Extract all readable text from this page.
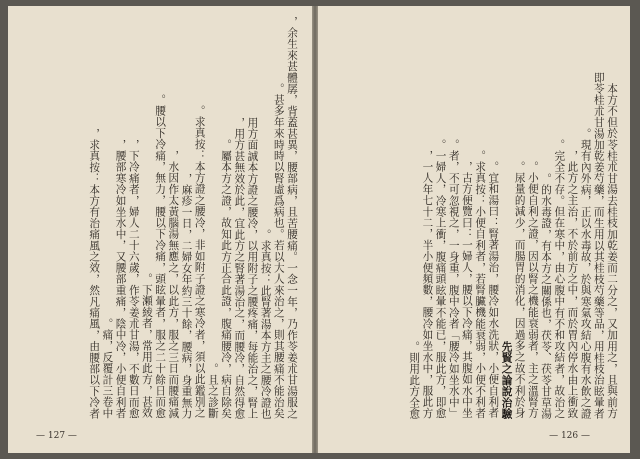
余生來甚體孱，背蓋甚異，腰部病，且苦腰痛。一念一年，乃作苓姜朮甘湯服之，
甚多年來時時以腎虛爲病也。若以大人來治之，則其腰痛不能治矣。
求真按：此腎著湯本方主之腰冷證也。
用方面誠本方證之腰冷，以用附子之腰疼痛，每能治之，腎上
用方甚無效於此，宜此方之腎著湯治之，而腰冷，自然得愈，
屬本方之證，故知此方正合此證，腹痛腰冷，病自除矣。
且之診斷。
求真按：本方證之腰冷，非如附子證之寒冷者，須以此鑑別之。
麻疹一日，二婦女年約三十餘，腰病，身重無力，
水因作太黃腦湯無應之，以此方，服之三日而腰痛減，
腰以下冷痛，無力，腰以下冷痛，頭眩暈者，服之二十餘日而愈。
下瀬綾者，常用此方，甚效。
下冷痛者，婦人二十六歲，作苓姜朮甘湯，不數日而愈，
腰部寒冷如坐水中，又腰部重痛，陰中冷，小便自利者，
痛，反覆計三卷中。
求真按：本方有治痛風之效，然凡痛風，由腰部以下冷者，
— 127 —
本方不但於苓桂朮甘湯去桂枝加乾姜而二分之，又加用之，且與前方
即苓桂朮甘湯加乾姜芍藥，而生用以其桂枝芍藥等品，用桂枝治眩暈者
現有內外病，正以水毒故，於與寒氣攻結心腹有水飲之證。
此方之主治，不於前方之中，而於胃內停水由上衝致，
完全不存。但在寒中，由心腹中有不和攻結者，故治之。
的水毒證，有本方之關係也，茯苓、茯苓甘草湯。
小便自利之證，因以腎之機能衰弱者，主之溫腎方。
尿量的減少，而腸胃的消化，因過多之故不利於身。
先賢之論說治驗
宜和湯曰：腎著湯治，腰冷如水洗狀，小便自利者。
求真按：小便自利者，若腎臟機能衰弱，小便不利者。
古方便覽曰：一婦人，腰以下冷痛，其腹如水中坐，
「腰冷如坐水中」者，不可忽視之，一身重，腹中冷者。
一婦人，冷寒上衝，腹痛頭眩暈不能已，服此方，即愈。
一人年七十二，半小便頻數，腰冷如坐水中，服此方，
則用此方全愈。
— 126 —
